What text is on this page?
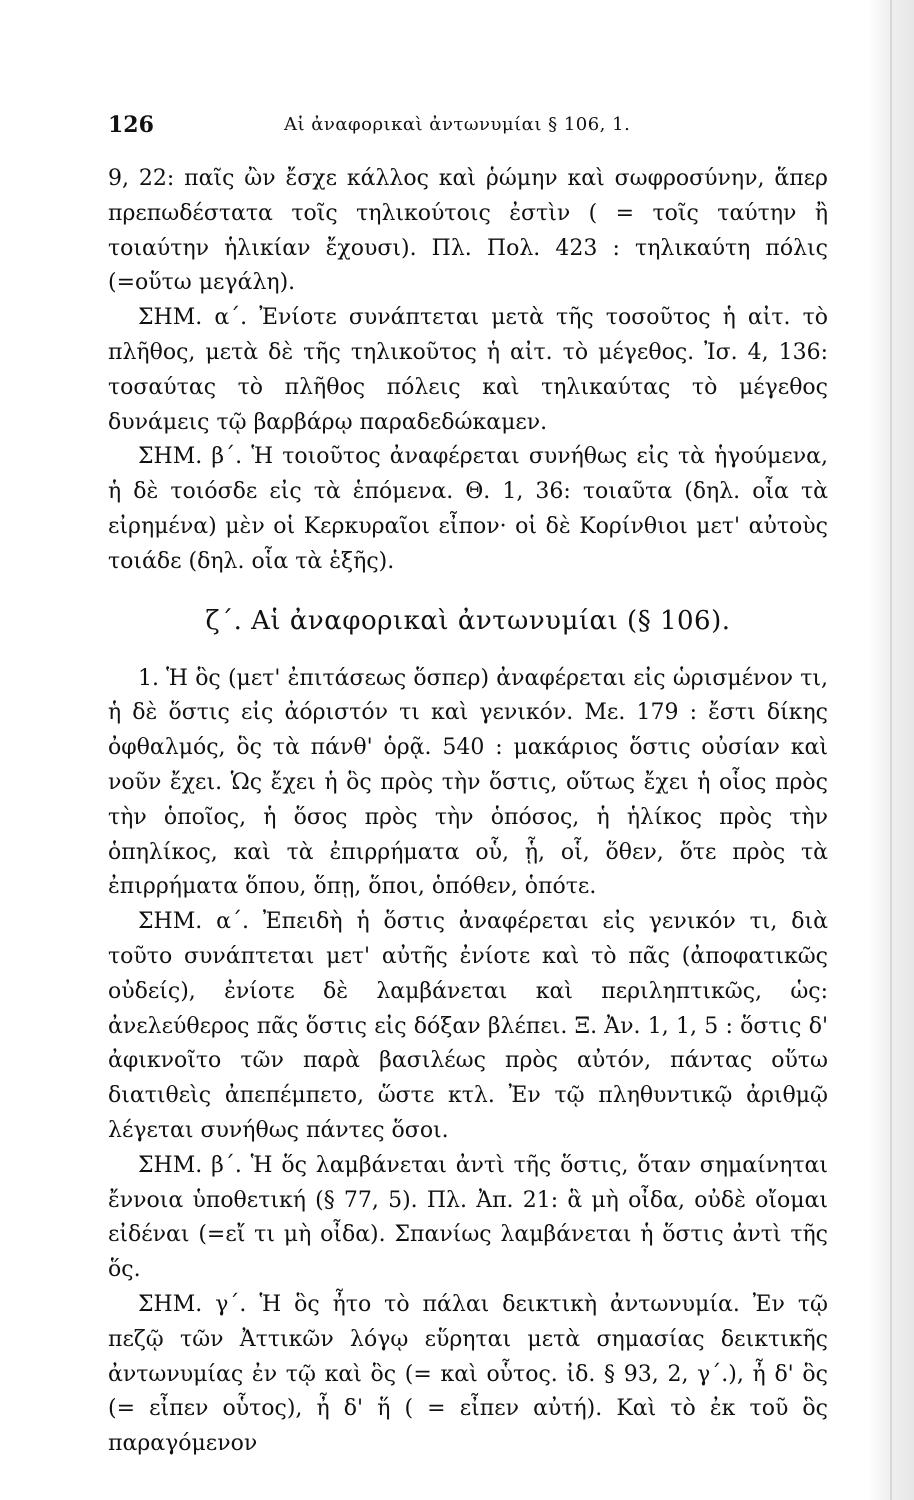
126	Αἱ ἀναφορικαὶ ἀντωνυμίαι § 106, 1.

9, 22: παῖς ὢν ἔσχε κάλλος καὶ ῥώμην καὶ σωφροσύνην, ἅπερ πρεπωδέστατα τοῖς τηλικούτοις ἐστὶν ( = τοῖς ταύτην ἢ τοιαύτην ἡλικίαν ἔχουσι). Πλ. Πολ. 423 : τηλικαύτη πόλις (=οὕτω μεγάλη).

ΣΗΜ. α΄. Ἐνίοτε συνάπτεται μετὰ τῆς τοσοῦτος ἡ αἰτ. τὸ πλῆθος, μετὰ δὲ τῆς τηλικοῦτος ἡ αἰτ. τὸ μέγεθος. Ἰσ. 4, 136: τοσαύτας τὸ πλῆθος πόλεις καὶ τηλικαύτας τὸ μέγεθος δυνάμεις τῷ βαρβάρῳ παραδεδώκαμεν.

ΣΗΜ. β΄. Ἡ τοιοῦτος ἀναφέρεται συνήθως εἰς τὰ ἡγούμενα, ἡ δὲ τοιόσδε εἰς τὰ ἑπόμενα. Θ. 1, 36: τοιαῦτα (δηλ. οἷα τὰ εἰρημένα) μὲν οἱ Κερκυραῖοι εἶπον· οἱ δὲ Κορίνθιοι μετ' αὐτοὺς τοιάδε (δηλ. οἷα τὰ ἑξῆς).

ζ΄. Αἱ ἀναφορικαὶ ἀντωνυμίαι (§ 106).

1. Ἡ ὃς (μετ' ἐπιτάσεως ὅσπερ) ἀναφέρεται εἰς ὡρισμένον τι, ἡ δὲ ὅστις εἰς ἀόριστόν τι καὶ γενικόν. Με. 179 : ἔστι δίκης ὀφθαλμός, ὃς τὰ πάνθ' ὁρᾷ. 540 : μακάριος ὅστις οὐσίαν καὶ νοῦν ἔχει. Ὡς ἔχει ἡ ὃς πρὸς τὴν ὅστις, οὕτως ἔχει ἡ οἷος πρὸς τὴν ὁποῖος, ἡ ὅσος πρὸς τὴν ὁπόσος, ἡ ἡλίκος πρὸς τὴν ὁπηλίκος, καὶ τὰ ἐπιρρήματα οὗ, ᾗ, οἷ, ὅθεν, ὅτε πρὸς τὰ ἐπιρρήματα ὅπου, ὅπῃ, ὅποι, ὁπόθεν, ὁπότε.

ΣΗΜ. α΄. Ἐπειδὴ ἡ ὅστις ἀναφέρεται εἰς γενικόν τι, διὰ τοῦτο συνάπτεται μετ' αὐτῆς ἐνίοτε καὶ τὸ πᾶς (ἀποφατικῶς οὐδείς), ἐνίοτε δὲ λαμβάνεται καὶ περιληπτικῶς, ὡς: ἀνελεύθερος πᾶς ὅστις εἰς δόξαν βλέπει. Ξ. Ἀν. 1, 1, 5 : ὅστις δ' ἀφικνοῖτο τῶν παρὰ βασιλέως πρὸς αὐτόν, πάντας οὕτω διατιθεὶς ἀπεπέμπετο, ὥστε κτλ. Ἐν τῷ πληθυντικῷ ἀριθμῷ λέγεται συνήθως πάντες ὅσοι.

ΣΗΜ. β΄. Ἡ ὅς λαμβάνεται ἀντὶ τῆς ὅστις, ὅταν σημαίνηται ἔννοια ὑποθετική (§ 77, 5). Πλ. Ἀπ. 21: ἃ μὴ οἶδα, οὐδὲ οἴομαι εἰδέναι (=εἴ τι μὴ οἶδα). Σπανίως λαμβάνεται ἡ ὅστις ἀντὶ τῆς ὅς.

ΣΗΜ. γ΄. Ἡ ὃς ἦτο τὸ πάλαι δεικτικὴ ἀντωνυμία. Ἐν τῷ πεζῷ τῶν Ἀττικῶν λόγῳ εὕρηται μετὰ σημασίας δεικτικῆς ἀντωνυμίας ἐν τῷ καὶ ὃς (= καὶ οὗτος. ἰδ. § 93, 2, γ΄.), ἦ δ' ὃς (= εἶπεν οὗτος), ἦ δ' ἥ ( = εἶπεν αὐτή). Καὶ τὸ ἐκ τοῦ ὃς παραγόμενον
